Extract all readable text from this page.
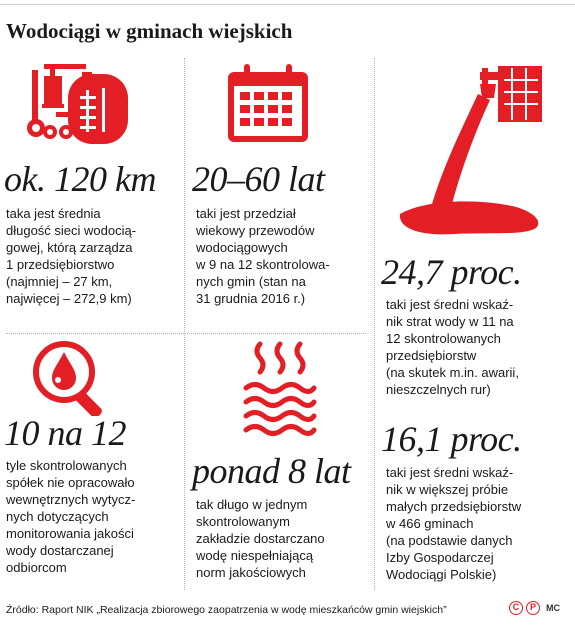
Wodociągi w gminach wiejskich
ok. 120 km

taka jest średnia
długość sieci wodocią-
gowej, którą zarządza
1 przedsiębiorstwo
(najmniej – 27 km,
najwięcej – 272,9 km)

20–60 lat

taki jest przedział
wiekowy przewodów
wodociągowych
w 9 na 12 skontrolowa-
nych gmin (stan na
31 grudnia 2016 r.)

24,7 proc.

taki jest średni wskaź-
nik strat wody w 11 na
12 skontrolowanych
przedsiębiorstw
(na skutek m.in. awarii,
nieszczelnych rur)

10 na 12

tyle skontrolowanych
spółek nie opracowało
wewnętrznych wytycz-
nych dotyczących
monitorowania jakości
wody dostarczanej
odbiorcom

ponad 8 lat

tak długo w jednym
skontrolowanym
zakładzie dostarczano
wodę niespełniającą
norm jakościowych

16,1 proc.

taki jest średni wskaź-
nik w większej próbie
małych przedsiębiorstw
w 466 gminach
(na podstawie danych
Izby Gospodarczej
Wodociągi Polskie)

Źródło: Raport NIK „Realizacja zbiorowego zaopatrzenia w wodę mieszkańców gmin wiejskich”	C	P	MC
